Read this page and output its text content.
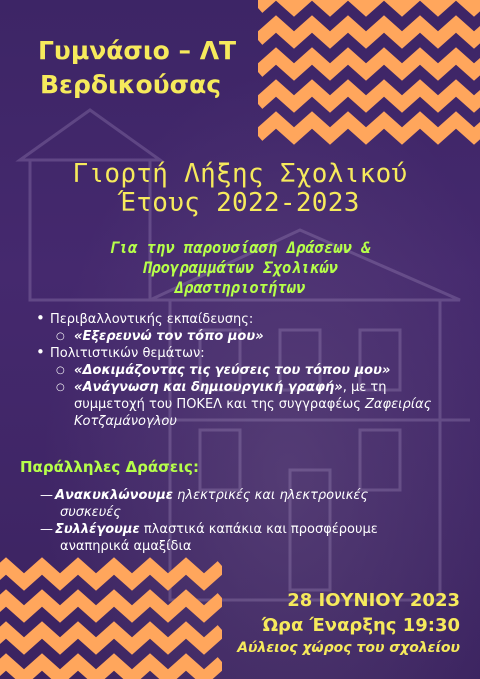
Γυμνάσιο – ΛΤ
Βερδικούσας
Γιορτή Λήξης Σχολικού
Έτους 2022-2023
Για την παρουσίαση Δράσεων &
Προγραμμάτων Σχολικών
Δραστηριοτήτων
• Περιβαλλοντικής εκπαίδευσης:
○ «Εξερευνώ τον τόπο μου»
• Πολιτιστικών θεμάτων:
○ «Δοκιμάζοντας τις γεύσεις του τόπου μου»
○ «Ανάγνωση και δημιουργική γραφή», με τη συμμετοχή του ΠΟΚΕΛ και της συγγραφέως Ζαφειρίας Κοτζαμάνογλου
Παράλληλες Δράσεις:
— Ανακυκλώνουμε ηλεκτρικές και ηλεκτρονικές
συσκευές
— Συλλέγουμε πλαστικά καπάκια και προσφέρουμε
αναπηρικά αμαξίδια
28 ΙΟΥΝΙΟΥ 2023
Ώρα Έναρξης 19:30
Αύλειος χώρος του σχολείου
